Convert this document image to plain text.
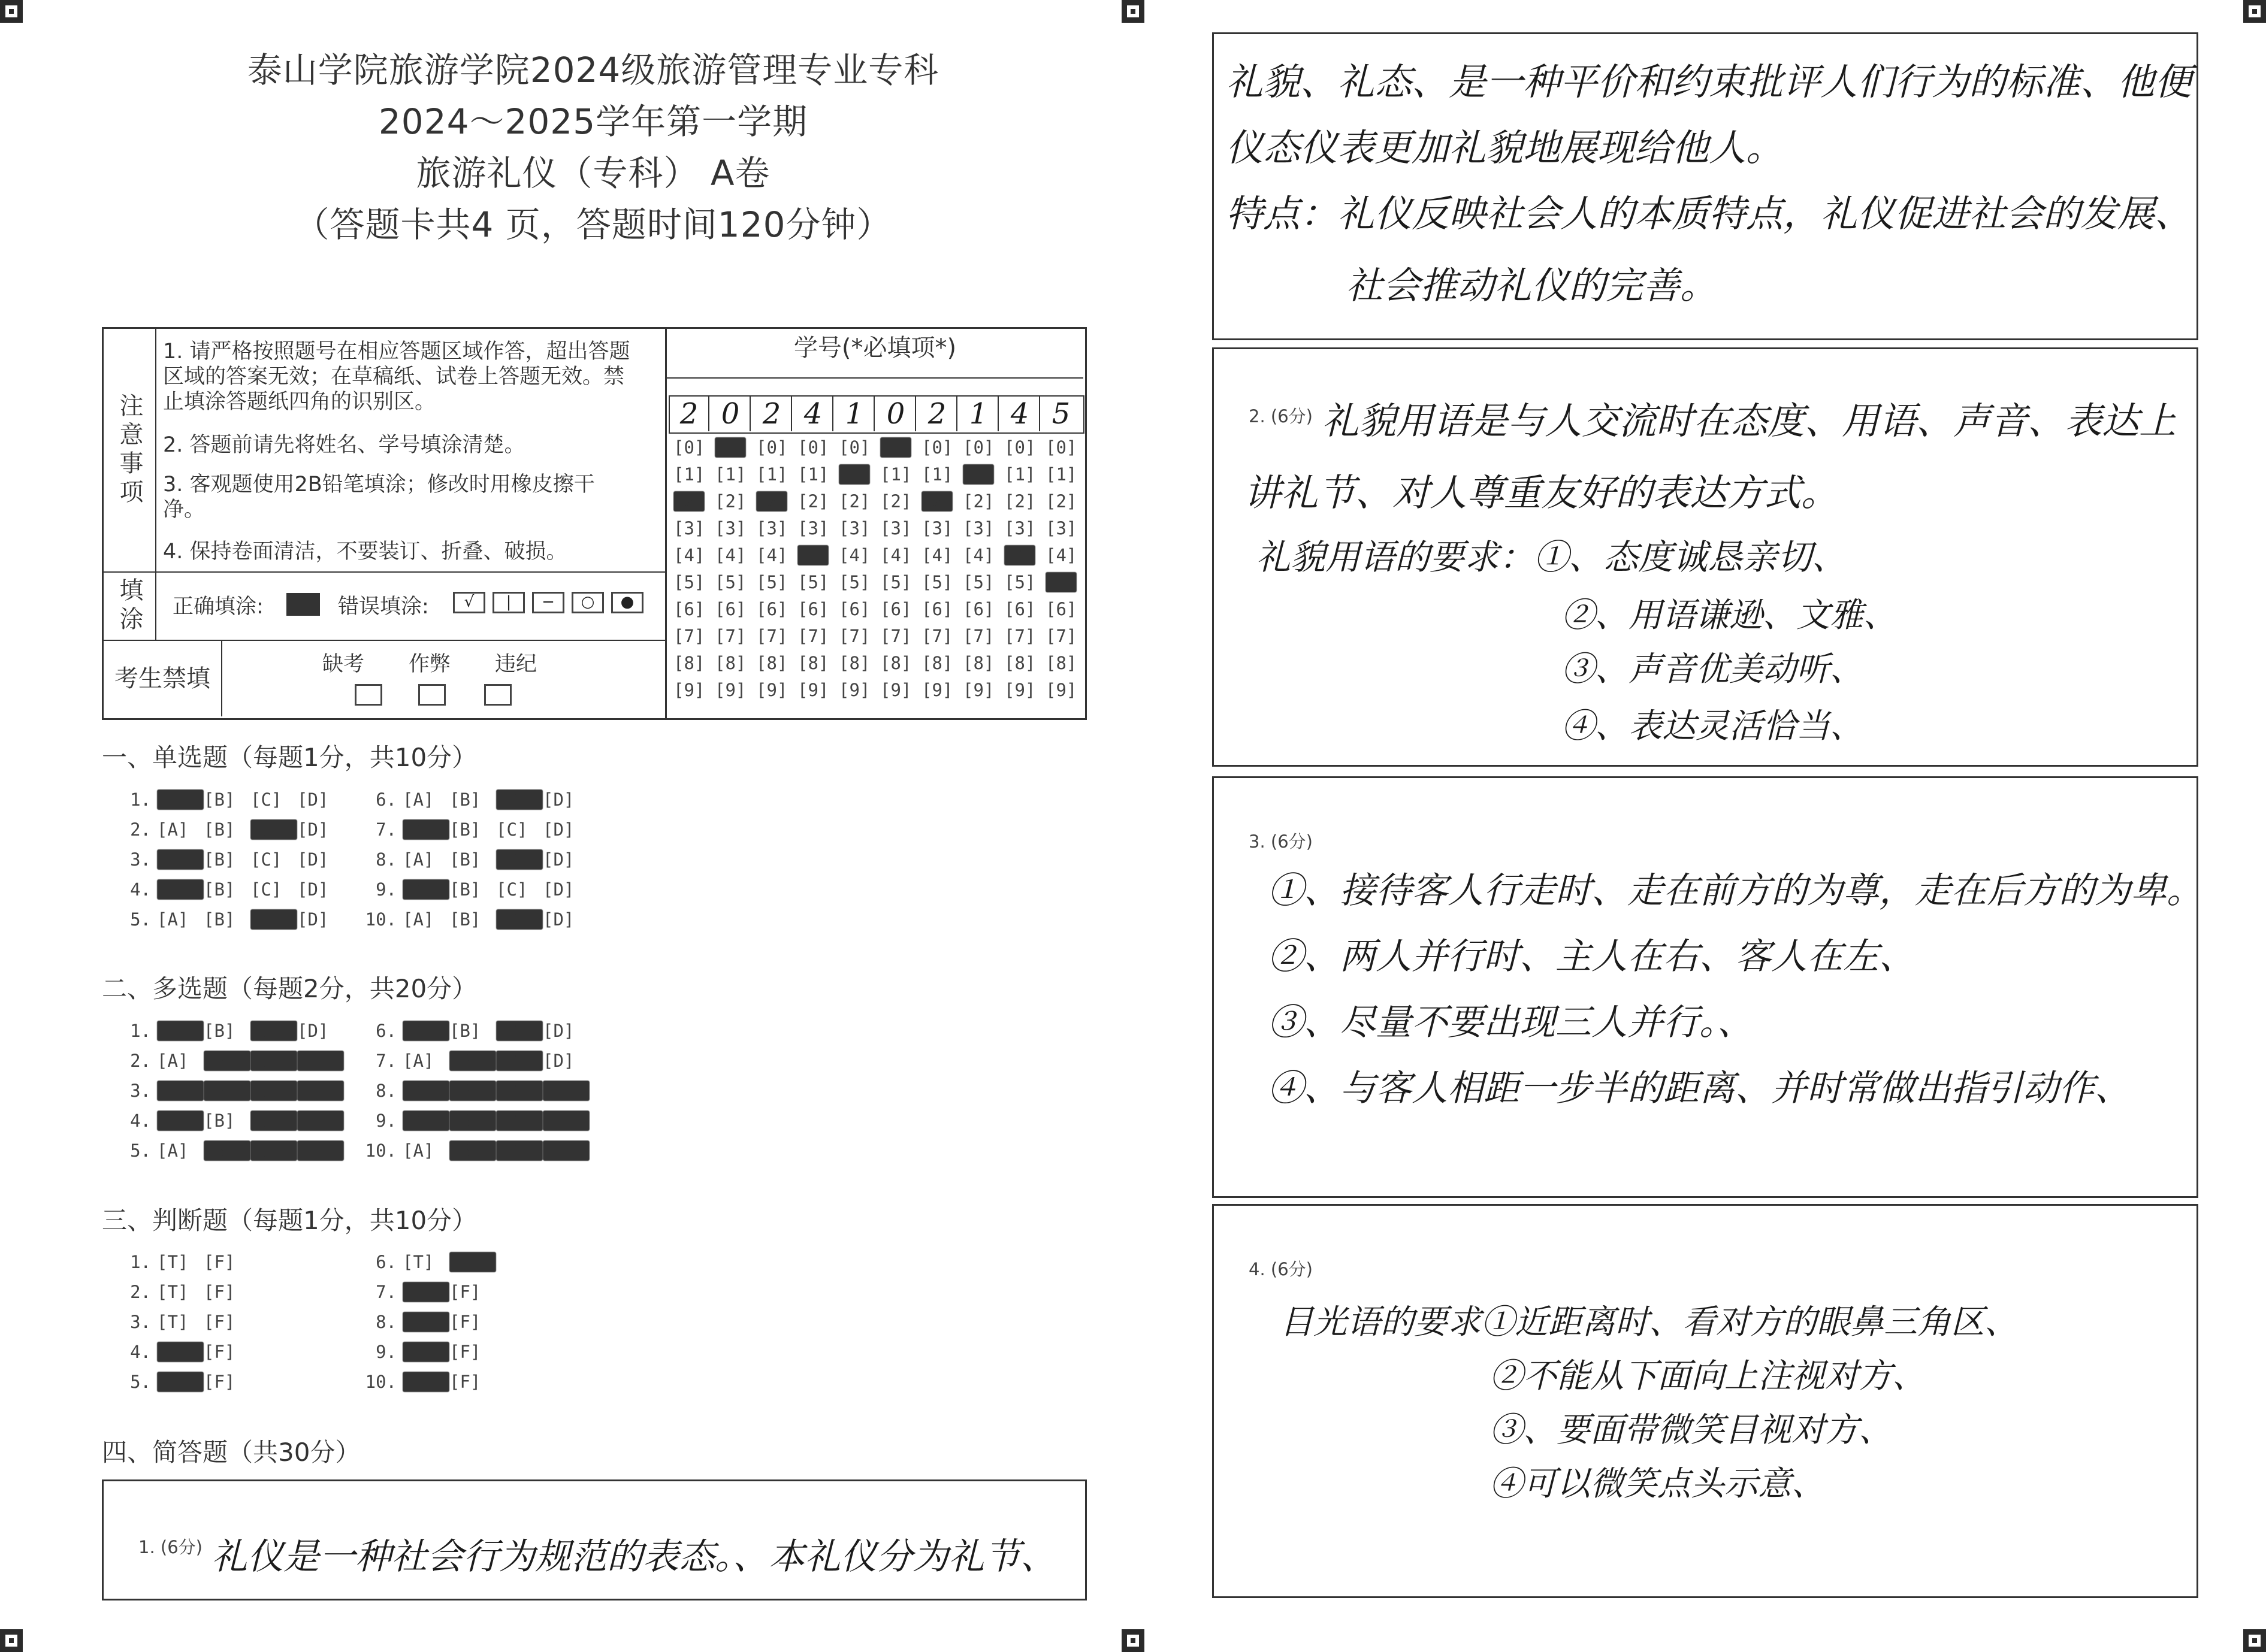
泰山学院旅游学院2024级旅游管理专业专科
2024～2025学年第一学期
旅游礼仪（专科） A卷
（答题卡共4 页，答题时间120分钟）
注意事项
1. 请严格按照题号在相应答题区域作答，超出答题区域的答案无效；在草稿纸、试卷上答题无效。禁止填涂答题纸四角的识别区。
2. 答题前请先将姓名、学号填涂清楚。
3. 客观题使用2B铅笔填涂；修改时用橡皮擦干净。
4. 保持卷面清洁，不要装订、折叠、破损。
填涂 正确填涂:	错误填涂:	√	|	−	○	●
考生禁填
缺考 作弊 违纪
学号(*必填项*)
2 0 2 4 1 0 2 1 4 5
[0] [0] [0] [0] [0] [0] [0] [0] [0] [0]
[1] [1] [1] [1] [1] [1] [1] [1] [1] [1]
[2] [2] [2] [2] [2] [2] [2] [2] [2] [2]
[3] [3] [3] [3] [3] [3] [3] [3] [3] [3]
[4] [4] [4] [4] [4] [4] [4] [4] [4] [4]
[5] [5] [5] [5] [5] [5] [5] [5] [5] [5]
[6] [6] [6] [6] [6] [6] [6] [6] [6] [6]
[7] [7] [7] [7] [7] [7] [7] [7] [7] [7]
[8] [8] [8] [8] [8] [8] [8] [8] [8] [8]
[9] [9] [9] [9] [9] [9] [9] [9] [9] [9]
一、单选题（每题1分，共10分）
二、多选题（每题2分，共20分）
三、判断题（每题1分，共10分）
四、简答题（共30分）
1. [A] [B] [C] [D]
2. [A] [B] [C] [D]
3. [A] [B] [C] [D]
4. [A] [B] [C] [D]
5. [A] [B] [C] [D]
6. [A] [B] [C] [D]
7. [A] [B] [C] [D]
8. [A] [B] [C] [D]
9. [A] [B] [C] [D]
10. [A] [B] [C] [D]
1. [A] [B] [C] [D]
2. [A] [B] [C] [D]
3. [A] [B] [C] [D]
4. [A] [B] [C] [D]
5. [A] [B] [C] [D]
6. [A] [B] [C] [D]
7. [A] [B] [C] [D]
8. [A] [B] [C] [D]
9. [A] [B] [C] [D]
10. [A] [B] [C] [D]
1. [T] [F]
2. [T] [F]
3. [T] [F]
4. [T] [F]
5. [T] [F]
6. [T] [F]
7. [T] [F]
8. [T] [F]
9. [T] [F]
10. [T] [F]
1. (6分) 礼仪是一种社会行为规范的表态。、本礼仪分为礼节、
礼貌、礼态、是一种平价和约束批评人们行为的标准、他便
仪态仪表更加礼貌地展现给他人。
特点：礼仪反映社会人的本质特点，礼仪促进社会的发展、
社会推动礼仪的完善。
2. (6分) 礼貌用语是与人交流时在态度、用语、声音、表达上
讲礼节、对人尊重友好的表达方式。
礼貌用语的要求：①、态度诚恳亲切、
②、用语谦逊、文雅、
③、声音优美动听、
④、表达灵活恰当、
3. (6分)
①、接待客人行走时、走在前方的为尊，走在后方的为卑。
②、两人并行时、主人在右、客人在左、
③、尽量不要出现三人并行。、
④、与客人相距一步半的距离、并时常做出指引动作、
4. (6分)
目光语的要求①近距离时、看对方的眼鼻三角区、
②不能从下面向上注视对方、
③、要面带微笑目视对方、
④可以微笑点头示意、
